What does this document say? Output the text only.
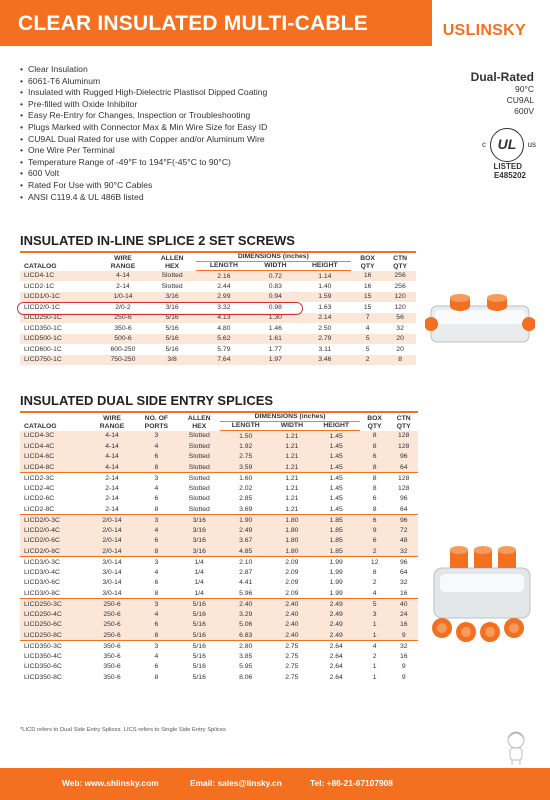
CLEAR INSULATED MULTI-CABLE	USLINSKY
• Clear Insulation
• 6061-T6 Aluminum
• Insulated with Rugged High-Dielectric Plastisol Dipped Coating
• Pre-filled with Oxide Inhibitor
• Easy Re-Entry for Changes, Inspection or Troubleshooting
• Plugs Marked with Connector Max & Min Wire Size for Easy ID
• CU9AL Dual Rated for use with Copper and/or Aluminum Wire
• One Wire Per Terminal
• Temperature Range of -49°F to 194°F(-45°C to 90°C)
• 600 Volt
• Rated For Use with 90°C Cables
• ANSI C119.4 & UL 486B listed
Dual-Rated
90°C
CU9AL
600V
c UL	us
LISTED
E485202
INSULATED IN-LINE SPLICE 2 SET SCREWS
CATALOG	WIRE
RANGE	ALLEN
HEX	DIMENSIONS (inches)			BOX
QTY	CTN
QTY
			LENGTH	WIDTH	HEIGHT		
LICD4-1C	4-14	Slotted	2.16	0.72	1.14	16	256
LICD2-1C	2-14	Slotted	2.44	0.83	1.40	16	256
LICD1/0-1C	1/0-14	3/16	2.99	0.94	1.59	15	120
LICD2/0-1C	2/0-2	3/16	3.32	0.98	1.63	15	120
LICD250-1C	250-6	5/16	4.13	1.30	2.14	7	56
LICD350-1C	350-6	5/16	4.80	1.46	2.50	4	32
LICD500-1C	500-6	5/16	5.62	1.61	2.79	5	20
LICD600-1C	600-250	5/16	5.79	1.77	3.11	5	20
LICD750-1C	750-250	3/8	7.64	1.97	3.46	2	8
INSULATED DUAL SIDE ENTRY SPLICES
CATALOG	WIRE
RANGE	NO. OF
PORTS	ALLEN
HEX	DIMENSIONS (inches)			BOX
QTY	CTN
QTY
				LENGTH	WIDTH	HEIGHT		
LICD4-3C	4-14	3	Slotted	1.50	1.21	1.45	8	128
LICD4-4C	4-14	4	Slotted	1.92	1.21	1.45	8	128
LICD4-6C	4-14	6	Slotted	2.75	1.21	1.45	6	96
LICD4-8C	4-14	8	Slotted	3.59	1.21	1.45	8	64
LICD2-3C	2-14	3	Slotted	1.60	1.21	1.45	8	128
LICD2-4C	2-14	4	Slotted	2.02	1.21	1.45	8	128
LICD2-6C	2-14	6	Slotted	2.85	1.21	1.45	6	96
LICD2-8C	2-14	8	Slotted	3.69	1.21	1.45	8	64
LICD2/0-3C	2/0-14	3	3/16	1.90	1.80	1.85	6	96
LICD2/0-4C	2/0-14	4	3/16	2.49	1.80	1.85	9	72
LICD2/0-6C	2/0-14	6	3/16	3.67	1.80	1.85	6	48
LICD2/0-8C	2/0-14	8	3/16	4.85	1.80	1.85	2	32
LICD3/0-3C	3/0-14	3	1/4	2.10	2.09	1.99	12	96
LICD3/0-4C	3/0-14	4	1/4	2.87	2.09	1.99	8	64
LICD3/0-6C	3/0-14	6	1/4	4.41	2.09	1.99	2	32
LICD3/0-8C	3/0-14	8	1/4	5.96	2.09	1.99	4	16
LICD250-3C	250-6	3	5/16	2.40	2.40	2.49	5	40
LICD250-4C	250-6	4	5/16	3.29	2.40	2.49	3	24
LICD250-6C	250-6	6	5/16	5.06	2.40	2.49	1	16
LICD250-8C	250-6	8	5/16	6.83	2.40	2.49	1	9
LICD350-3C	350-6	3	5/16	2.80	2.75	2.64	4	32
LICD350-4C	350-6	4	5/16	3.85	2.75	2.64	2	16
LICD350-6C	350-6	6	5/16	5.95	2.75	2.64	1	9
LICD350-8C	350-6	8	5/16	8.06	2.75	2.64	1	9
*LICD refers to Dual Side Entry Splices. LICS refers to Single Side Entry Splices
Web: www.shlinsky.com	Email: sales@linsky.cn	Tel: +86-21-67107908
